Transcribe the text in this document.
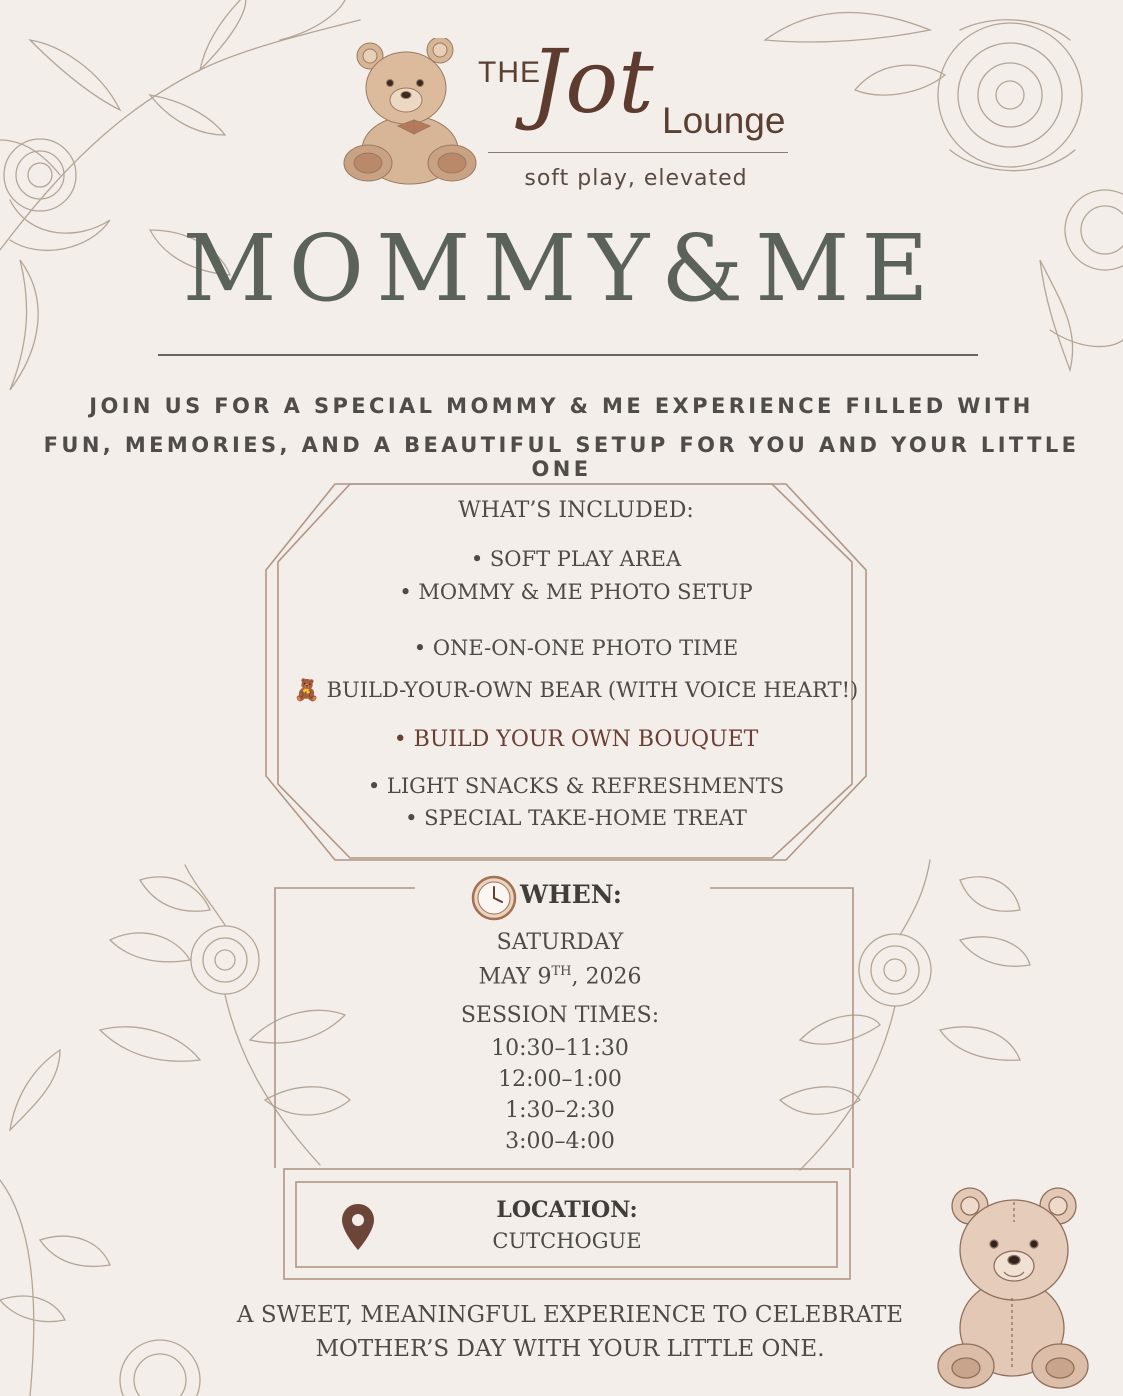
THE
Jot Lounge
soft play, elevated
MOMMY&ME
JOIN US FOR A SPECIAL MOMMY & ME EXPERIENCE FILLED WITH
FUN, MEMORIES, AND A BEAUTIFUL SETUP FOR YOU AND YOUR LITTLE ONE
WHAT’S INCLUDED:
• SOFT PLAY AREA
• MOMMY & ME PHOTO SETUP
• ONE-ON-ONE PHOTO TIME
🧸 BUILD-YOUR-OWN BEAR (WITH VOICE HEART!)
• BUILD YOUR OWN BOUQUET
• LIGHT SNACKS & REFRESHMENTS
• SPECIAL TAKE-HOME TREAT
WHEN:
SATURDAY
MAY 9TH, 2026
SESSION TIMES:
10:30–11:30
12:00–1:00
1:30–2:30
3:00–4:00
LOCATION:
CUTCHOGUE
A SWEET, MEANINGFUL EXPERIENCE TO CELEBRATE
MOTHER’S DAY WITH YOUR LITTLE ONE.
